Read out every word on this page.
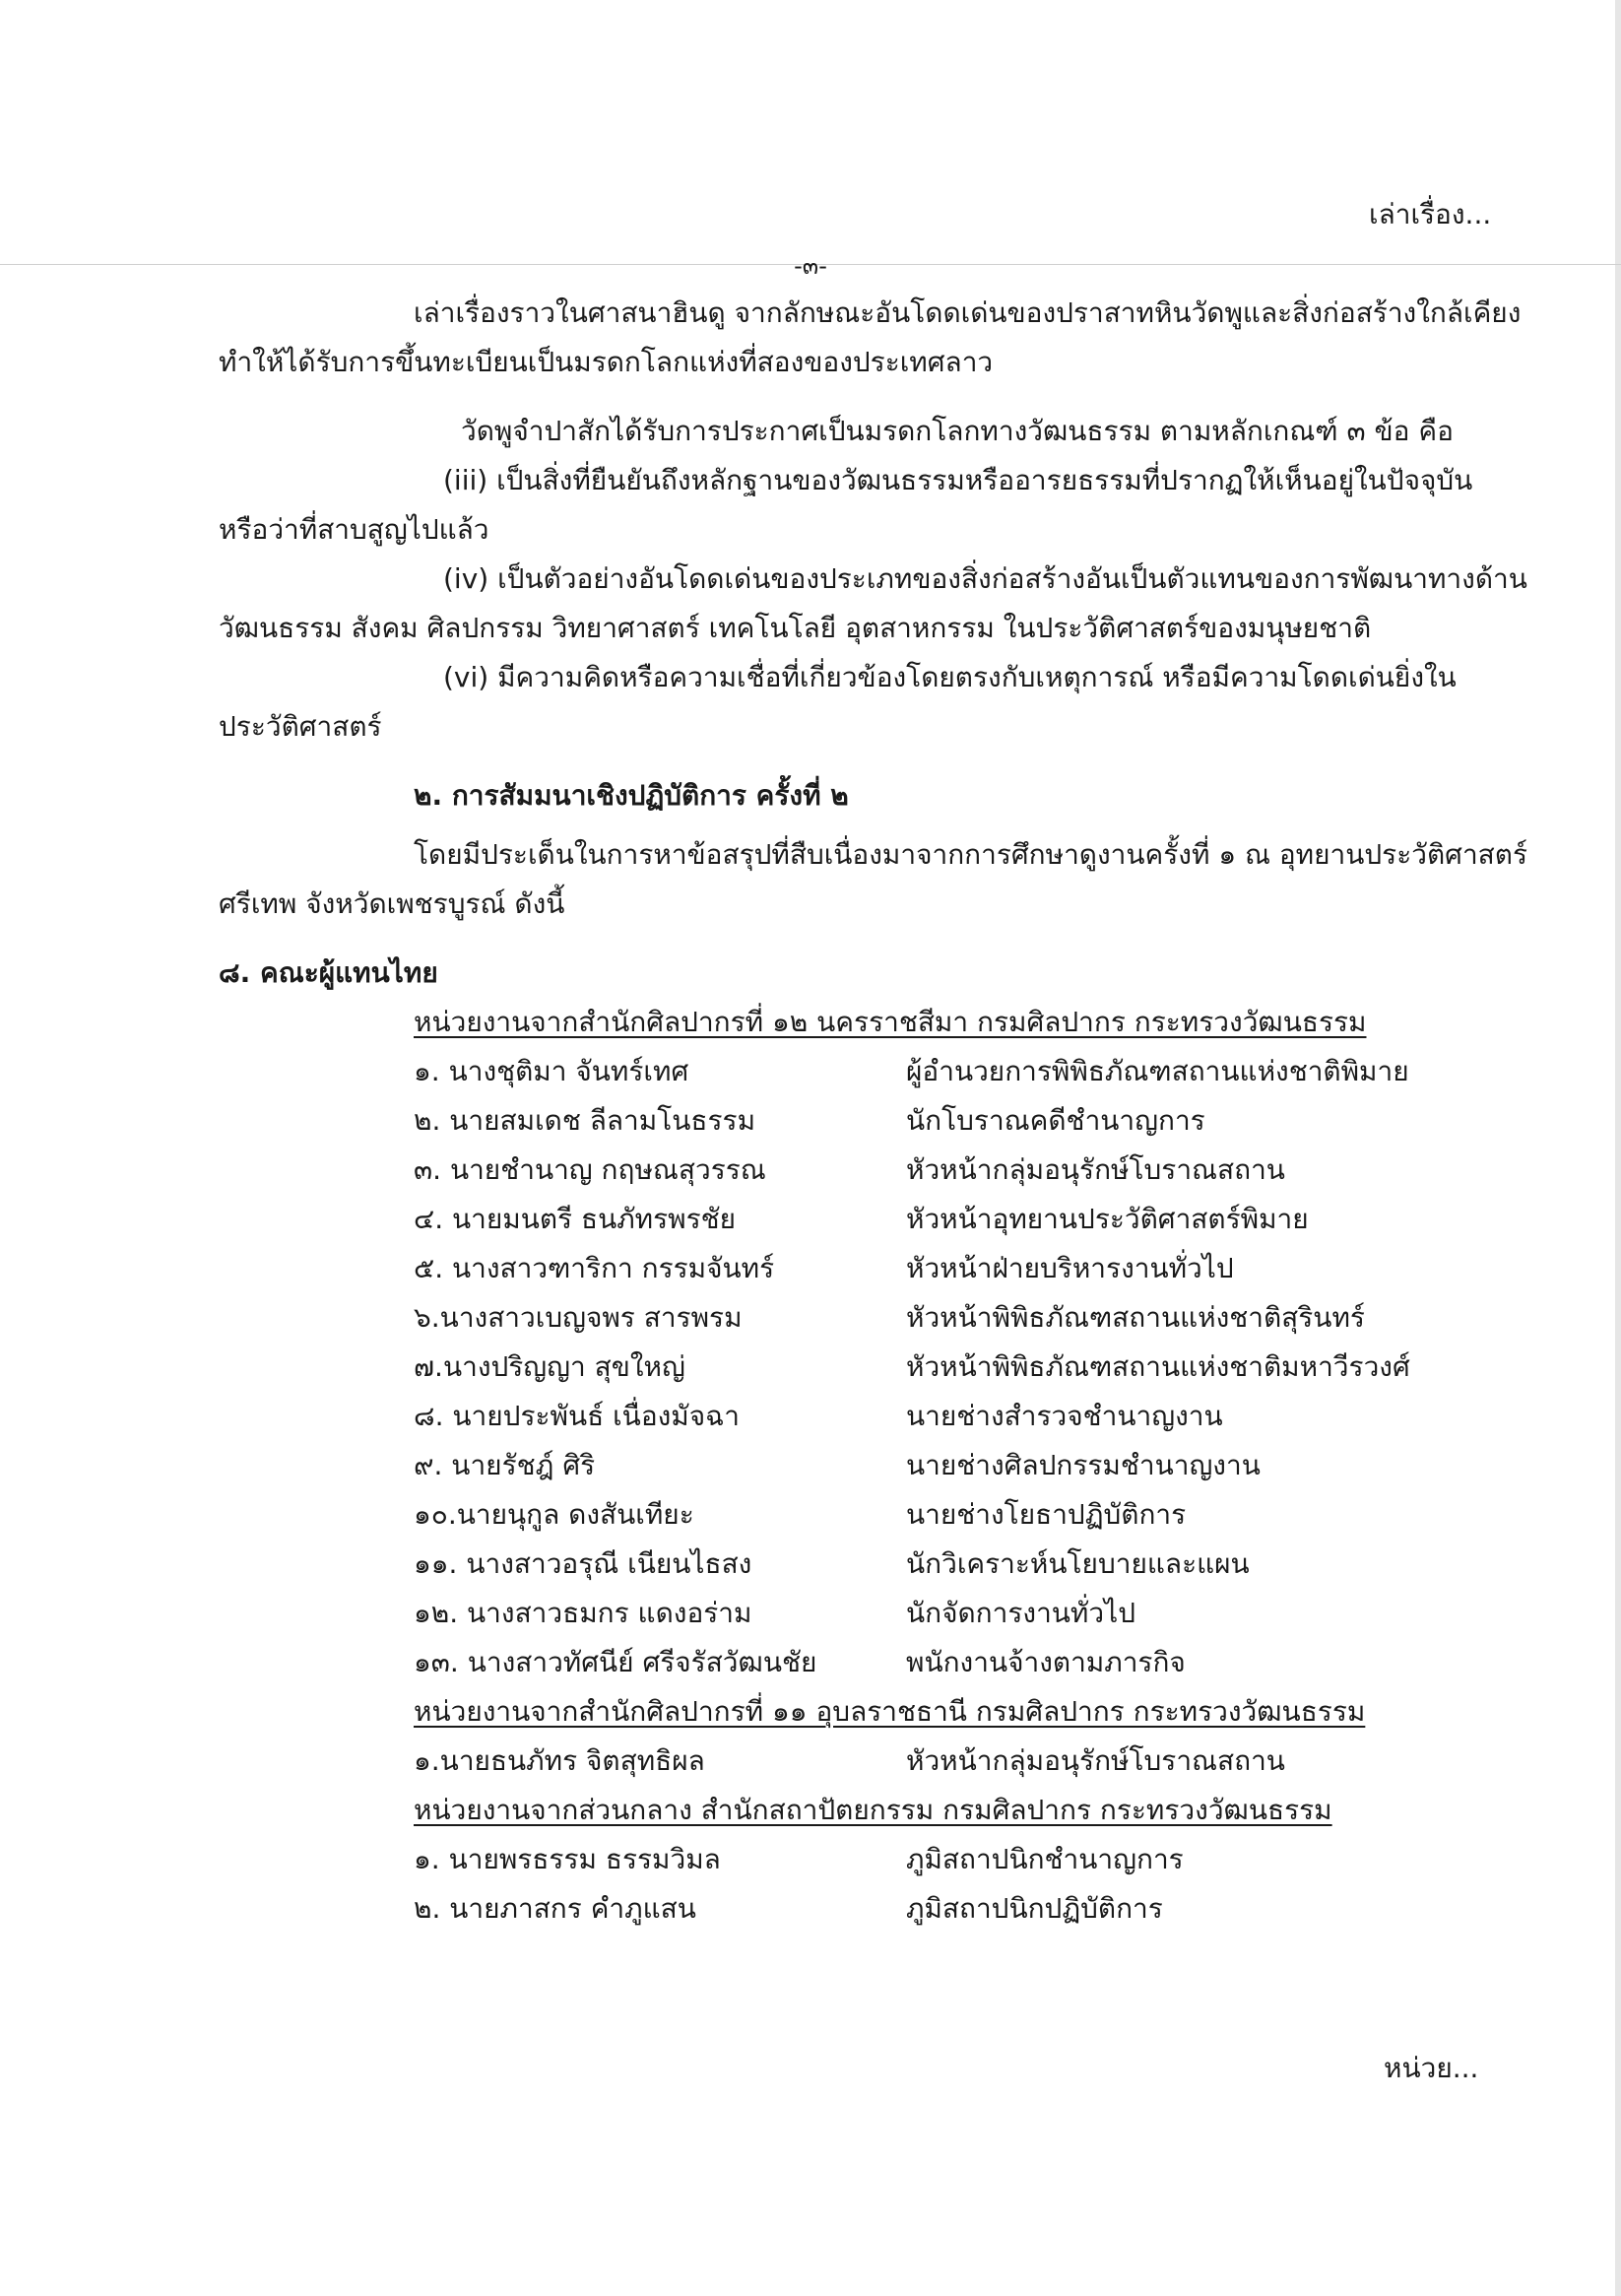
เล่าเรื่อง...
-๓-
เล่าเรื่องราวในศาสนาฮินดู จากลักษณะอันโดดเด่นของปราสาทหินวัดพูและสิ่งก่อสร้างใกล้เคียง
ทำให้ได้รับการขึ้นทะเบียนเป็นมรดกโลกแห่งที่สองของประเทศลาว
วัดพูจำปาสักได้รับการประกาศเป็นมรดกโลกทางวัฒนธรรม ตามหลักเกณฑ์ ๓ ข้อ คือ
(iii) เป็นสิ่งที่ยืนยันถึงหลักฐานของวัฒนธรรมหรืออารยธรรมที่ปรากฏให้เห็นอยู่ในปัจจุบัน
หรือว่าที่สาบสูญไปแล้ว
(iv) เป็นตัวอย่างอันโดดเด่นของประเภทของสิ่งก่อสร้างอันเป็นตัวแทนของการพัฒนาทางด้าน
วัฒนธรรม สังคม ศิลปกรรม วิทยาศาสตร์ เทคโนโลยี อุตสาหกรรม ในประวัติศาสตร์ของมนุษยชาติ
(vi) มีความคิดหรือความเชื่อที่เกี่ยวข้องโดยตรงกับเหตุการณ์ หรือมีความโดดเด่นยิ่งใน
ประวัติศาสตร์
๒. การสัมมนาเชิงปฏิบัติการ ครั้งที่ ๒
โดยมีประเด็นในการหาข้อสรุปที่สืบเนื่องมาจากการศึกษาดูงานครั้งที่ ๑ ณ อุทยานประวัติศาสตร์
ศรีเทพ จังหวัดเพชรบูรณ์ ดังนี้
๘. คณะผู้แทนไทย
หน่วยงานจากสำนักศิลปากรที่ ๑๒ นครราชสีมา กรมศิลปากร กระทรวงวัฒนธรรม
๑. นางชุติมา จันทร์เทศ	ผู้อำนวยการพิพิธภัณฑสถานแห่งชาติพิมาย
๒. นายสมเดช ลีลามโนธรรม	นักโบราณคดีชำนาญการ
๓. นายชำนาญ กฤษณสุวรรณ	หัวหน้ากลุ่มอนุรักษ์โบราณสถาน
๔. นายมนตรี ธนภัทรพรชัย	หัวหน้าอุทยานประวัติศาสตร์พิมาย
๕. นางสาวฑาริกา กรรมจันทร์	หัวหน้าฝ่ายบริหารงานทั่วไป
๖.นางสาวเบญจพร สารพรม	หัวหน้าพิพิธภัณฑสถานแห่งชาติสุรินทร์
๗.นางปริญญา สุขใหญ่	หัวหน้าพิพิธภัณฑสถานแห่งชาติมหาวีรวงศ์
๘. นายประพันธ์ เนื่องมัจฉา	นายช่างสำรวจชำนาญงาน
๙. นายรัชฎ์ ศิริ	นายช่างศิลปกรรมชำนาญงาน
๑๐.นายนุกูล ดงสันเทียะ	นายช่างโยธาปฏิบัติการ
๑๑. นางสาวอรุณี เนียนไธสง	นักวิเคราะห์นโยบายและแผน
๑๒. นางสาวธมกร แดงอร่าม	นักจัดการงานทั่วไป
๑๓. นางสาวทัศนีย์ ศรีจรัสวัฒนชัย	พนักงานจ้างตามภารกิจ
หน่วยงานจากสำนักศิลปากรที่ ๑๑ อุบลราชธานี กรมศิลปากร กระทรวงวัฒนธรรม
๑.นายธนภัทร จิตสุทธิผล	หัวหน้ากลุ่มอนุรักษ์โบราณสถาน
หน่วยงานจากส่วนกลาง สำนักสถาปัตยกรรม กรมศิลปากร กระทรวงวัฒนธรรม
๑. นายพรธรรม ธรรมวิมล	ภูมิสถาปนิกชำนาญการ
๒. นายภาสกร คำภูแสน	ภูมิสถาปนิกปฏิบัติการ
หน่วย...
